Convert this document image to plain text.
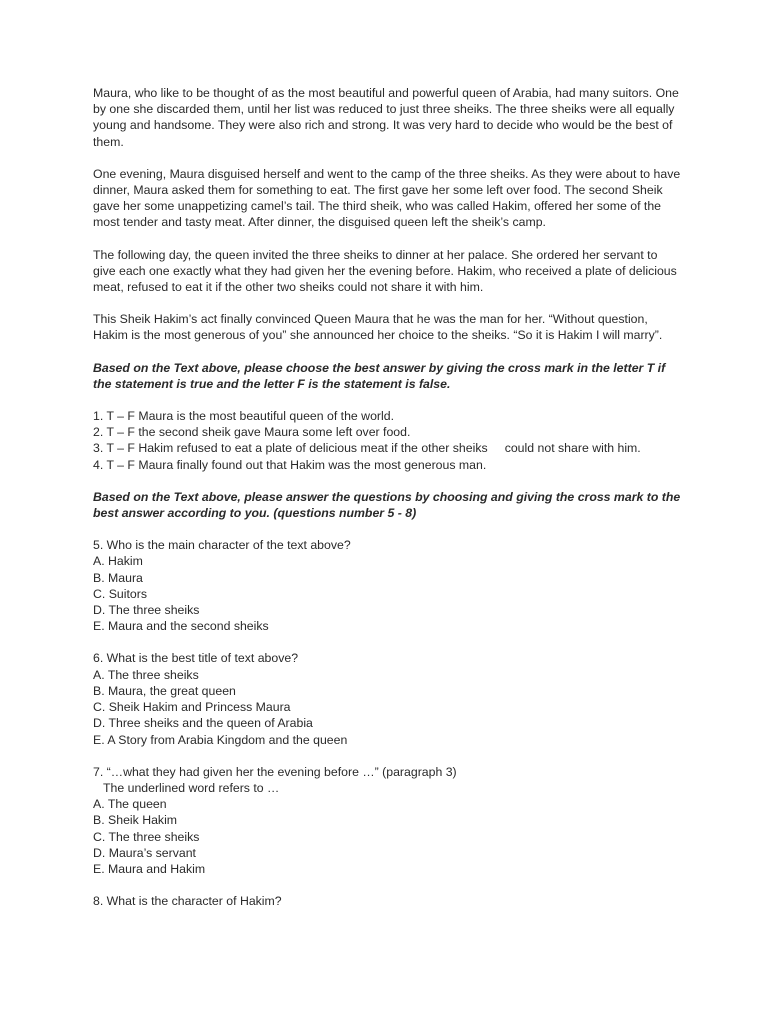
Maura, who like to be thought of as the most beautiful and powerful queen of Arabia, had many suitors. One by one she discarded them, until her list was reduced to just three sheiks. The three sheiks were all equally young and handsome. They were also rich and strong. It was very hard to decide who would be the best of them.

One evening, Maura disguised herself and went to the camp of the three sheiks. As they were about to have dinner, Maura asked them for something to eat. The first gave her some left over food. The second Sheik gave her some unappetizing camel’s tail. The third sheik, who was called Hakim, offered her some of the most tender and tasty meat. After dinner, the disguised queen left the sheik’s camp.

The following day, the queen invited the three sheiks to dinner at her palace. She ordered her servant to give each one exactly what they had given her the evening before. Hakim, who received a plate of delicious meat, refused to eat it if the other two sheiks could not share it with him.

This Sheik Hakim’s act finally convinced Queen Maura that he was the man for her. “Without question, Hakim is the most generous of you” she announced her choice to the sheiks. “So it is Hakim I will marry”.

Based on the Text above, please choose the best answer by giving the cross mark in the letter T if the statement is true and the letter F is the statement is false.

1. T – F Maura is the most beautiful queen of the world.
2. T – F the second sheik gave Maura some left over food.
3. T – F Hakim refused to eat a plate of delicious meat if the other sheiks     could not share with him.
4. T – F Maura finally found out that Hakim was the most generous man.

Based on the Text above, please answer the questions by choosing and giving the cross mark to the best answer according to you. (questions number 5 - 8)

5. Who is the main character of the text above?
A. Hakim
B. Maura
C. Suitors
D. The three sheiks
E. Maura and the second sheiks
6. What is the best title of text above?
A. The three sheiks
B. Maura, the great queen
C. Sheik Hakim and Princess Maura
D. Three sheiks and the queen of Arabia
E. A Story from Arabia Kingdom and the queen
7. “…what they had given her the evening before …” (paragraph 3)
The underlined word refers to …
A. The queen
B. Sheik Hakim
C. The three sheiks
D. Maura’s servant
E. Maura and Hakim
8. What is the character of Hakim?
